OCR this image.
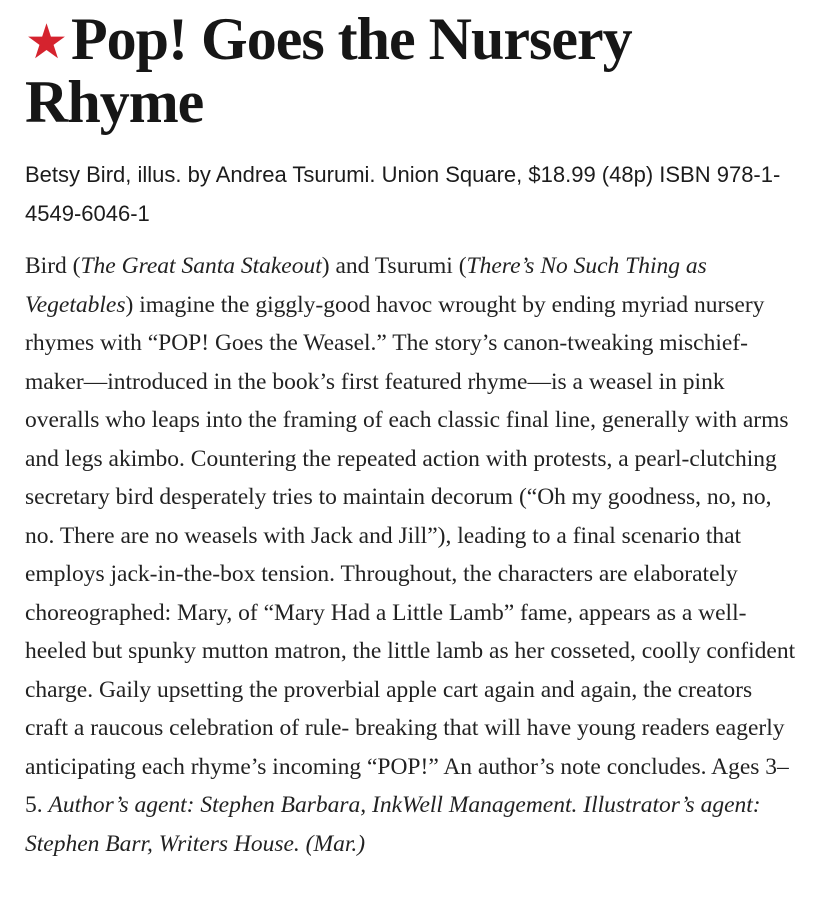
★Pop! Goes the Nursery Rhyme

Betsy Bird, illus. by Andrea Tsurumi. Union Square, $18.99 (48p) ISBN 978-1-4549-6046-1

Bird (The Great Santa Stakeout) and Tsurumi (There’s No Such Thing as Vegetables) imagine the giggly-good havoc wrought by ending myriad nursery rhymes with “POP! Goes the Weasel.” The story’s canon-tweaking mischief-maker—introduced in the book’s first featured rhyme—is a weasel in pink overalls who leaps into the framing of each classic final line, generally with arms and legs akimbo. Countering the repeated action with protests, a pearl-clutching secretary bird desperately tries to maintain decorum (“Oh my goodness, no, no, no. There are no weasels with Jack and Jill”), leading to a final scenario that employs jack-in-the-box tension. Throughout, the characters are elaborately choreographed: Mary, of “Mary Had a Little Lamb” fame, appears as a well-heeled but spunky mutton matron, the little lamb as her cosseted, coolly confident charge. Gaily upsetting the proverbial apple cart again and again, the creators craft a raucous celebration of rule- breaking that will have young readers eagerly anticipating each rhyme’s incoming “POP!” An author’s note concludes. Ages 3–5. Author’s agent: Stephen Barbara, InkWell Management. Illustrator’s agent: Stephen Barr, Writers House. (Mar.)
